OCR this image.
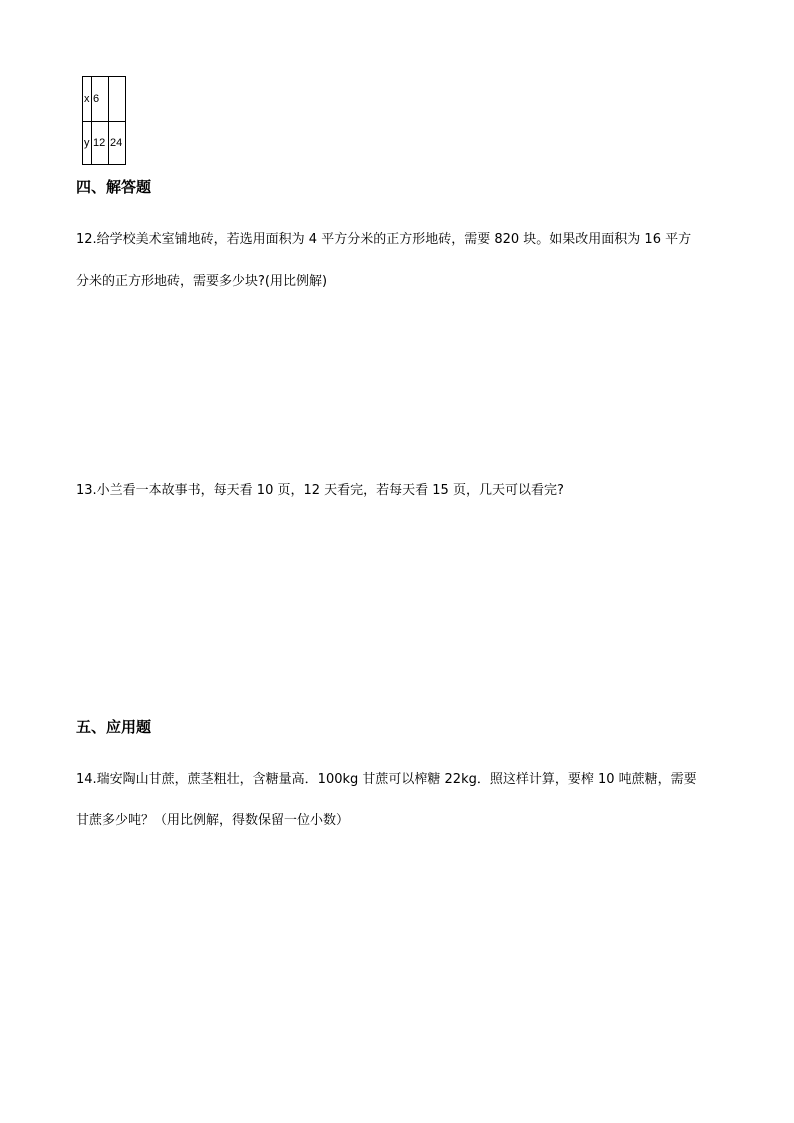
x	6	
y	12	24
四、解答题

12.给学校美术室铺地砖，若选用面积为 4 平方分米的正方形地砖，需要 820 块。如果改用面积为 16 平方

分米的正方形地砖，需要多少块?(用比例解)

13.小兰看一本故事书，每天看 10 页，12 天看完，若每天看 15 页，几天可以看完?

五、应用题

14.瑞安陶山甘蔗，蔗茎粗壮，含糖量高．100kg 甘蔗可以榨糖 22kg．照这样计算，要榨 10 吨蔗糖，需要

甘蔗多少吨？（用比例解，得数保留一位小数）
